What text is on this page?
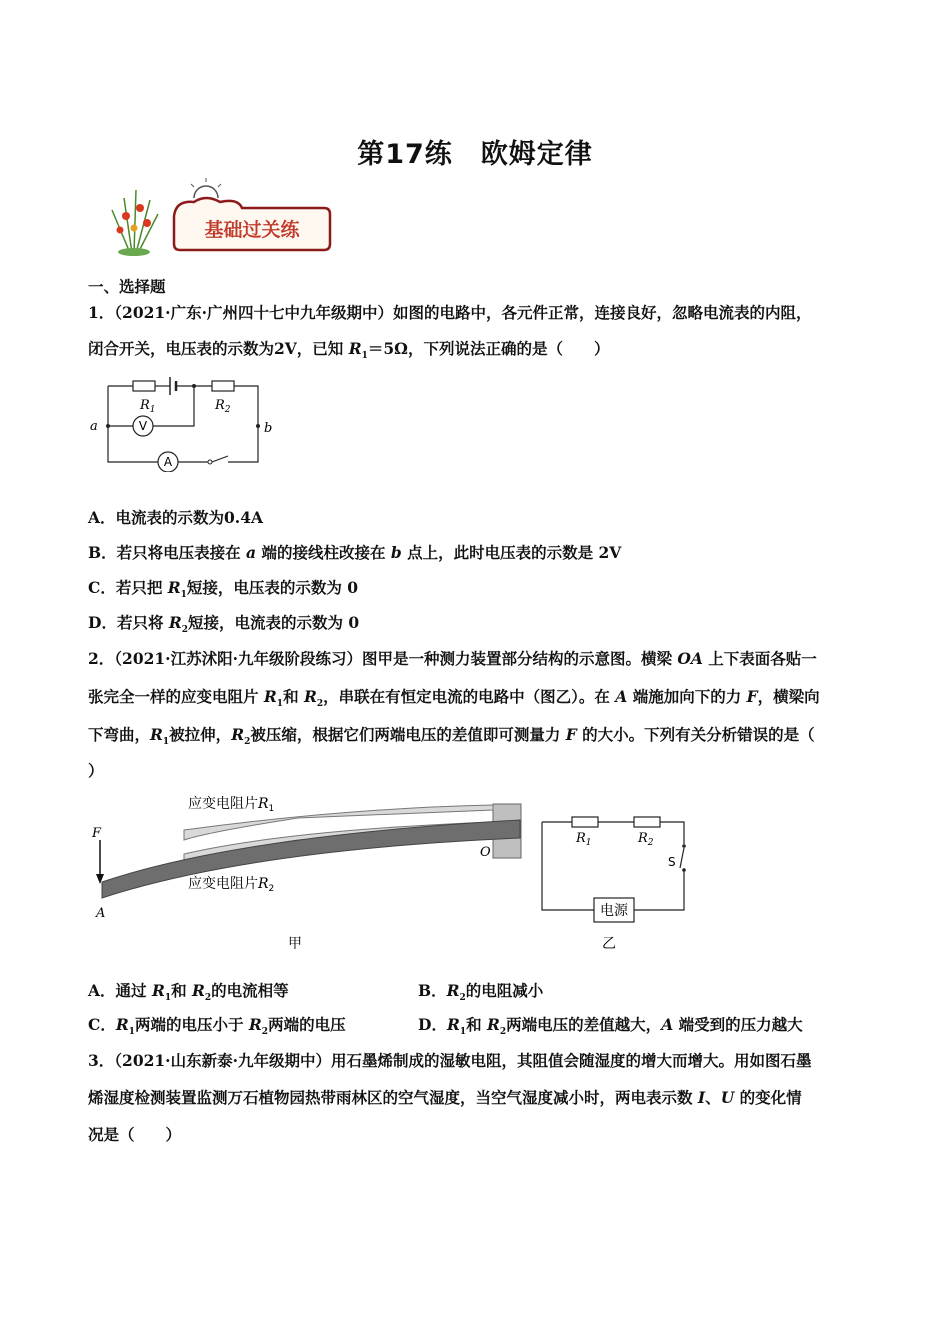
第17练　欧姆定律
基础过关练
一、选择题
1．（2021·广东·广州四十七中九年级期中）如图的电路中，各元件正常，连接良好，忽略电流表的内阻，
闭合开关，电压表的示数为2V，已知 $R_1=5\Omega$，下列说法正确的是（　　）
$R_1$	$R_2$
a	b
V
A
A．电流表的示数为0.4A
B．若只将电压表接在 a 端的接线柱改接在 b 点上，此时电压表的示数是 2V
C．若只把 $R_1$短接，电压表的示数为 0
D．若只将 $R_2$短接，电流表的示数为 0
2．（2021·江苏沭阳·九年级阶段练习）图甲是一种测力装置部分结构的示意图。横梁 OA 上下表面各贴一
张完全一样的应变电阻片 $R_1$和 $R_2$，串联在有恒定电流的电路中（图乙）。在 A 端施加向下的力 F，横梁向
下弯曲，$R_1$被拉伸，$R_2$被压缩，根据它们两端电压的差值即可测量力 F 的大小。下列有关分析错误的是（
）
F
A
O
应变电阻片$R_1$
应变电阻片$R_2$
甲
$R_1$	$R_2$
S
电源
乙
A．通过 $R_1$和 $R_2$的电流相等	B．$R_2$的电阻减小
C．$R_1$两端的电压小于 $R_2$两端的电压	D．$R_1$和 $R_2$两端电压的差值越大，A 端受到的压力越大
3．（2021·山东新泰·九年级期中）用石墨烯制成的湿敏电阻，其阻值会随湿度的增大而增大。用如图石墨
烯湿度检测装置监测万石植物园热带雨林区的空气湿度，当空气湿度减小时，两电表示数 I、U 的变化情
况是（　　）
